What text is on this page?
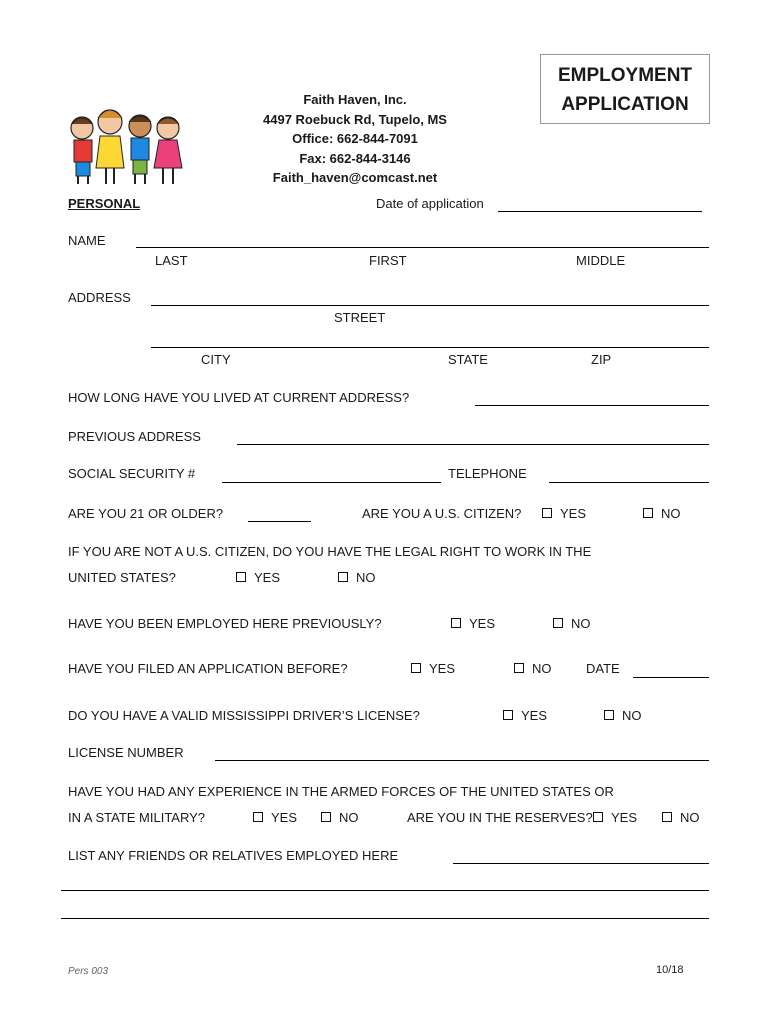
Faith Haven, Inc.
4497 Roebuck Rd, Tupelo, MS
Office: 662-844-7091
Fax: 662-844-3146
Faith_haven@comcast.net
EMPLOYMENT
APPLICATION
PERSONAL	Date of application
NAME
LAST	FIRST	MIDDLE
ADDRESS
STREET
CITY	STATE	ZIP
HOW LONG HAVE YOU LIVED AT CURRENT ADDRESS?
PREVIOUS ADDRESS
SOCIAL SECURITY #	TELEPHONE
ARE YOU 21 OR OLDER?	ARE YOU A U.S. CITIZEN?	YES	NO
IF YOU ARE NOT A U.S. CITIZEN, DO YOU HAVE THE LEGAL RIGHT TO WORK IN THE
UNITED STATES?	YES	NO
HAVE YOU BEEN EMPLOYED HERE PREVIOUSLY?	YES	NO
HAVE YOU FILED AN APPLICATION BEFORE?	YES	NO	DATE
DO YOU HAVE A VALID MISSISSIPPI DRIVER’S LICENSE?	YES	NO
LICENSE NUMBER
HAVE YOU HAD ANY EXPERIENCE IN THE ARMED FORCES OF THE UNITED STATES OR
IN A STATE MILITARY?	YES	NO	ARE YOU IN THE RESERVES?	YES	NO
LIST ANY FRIENDS OR RELATIVES EMPLOYED HERE
Pers 003	10/18
